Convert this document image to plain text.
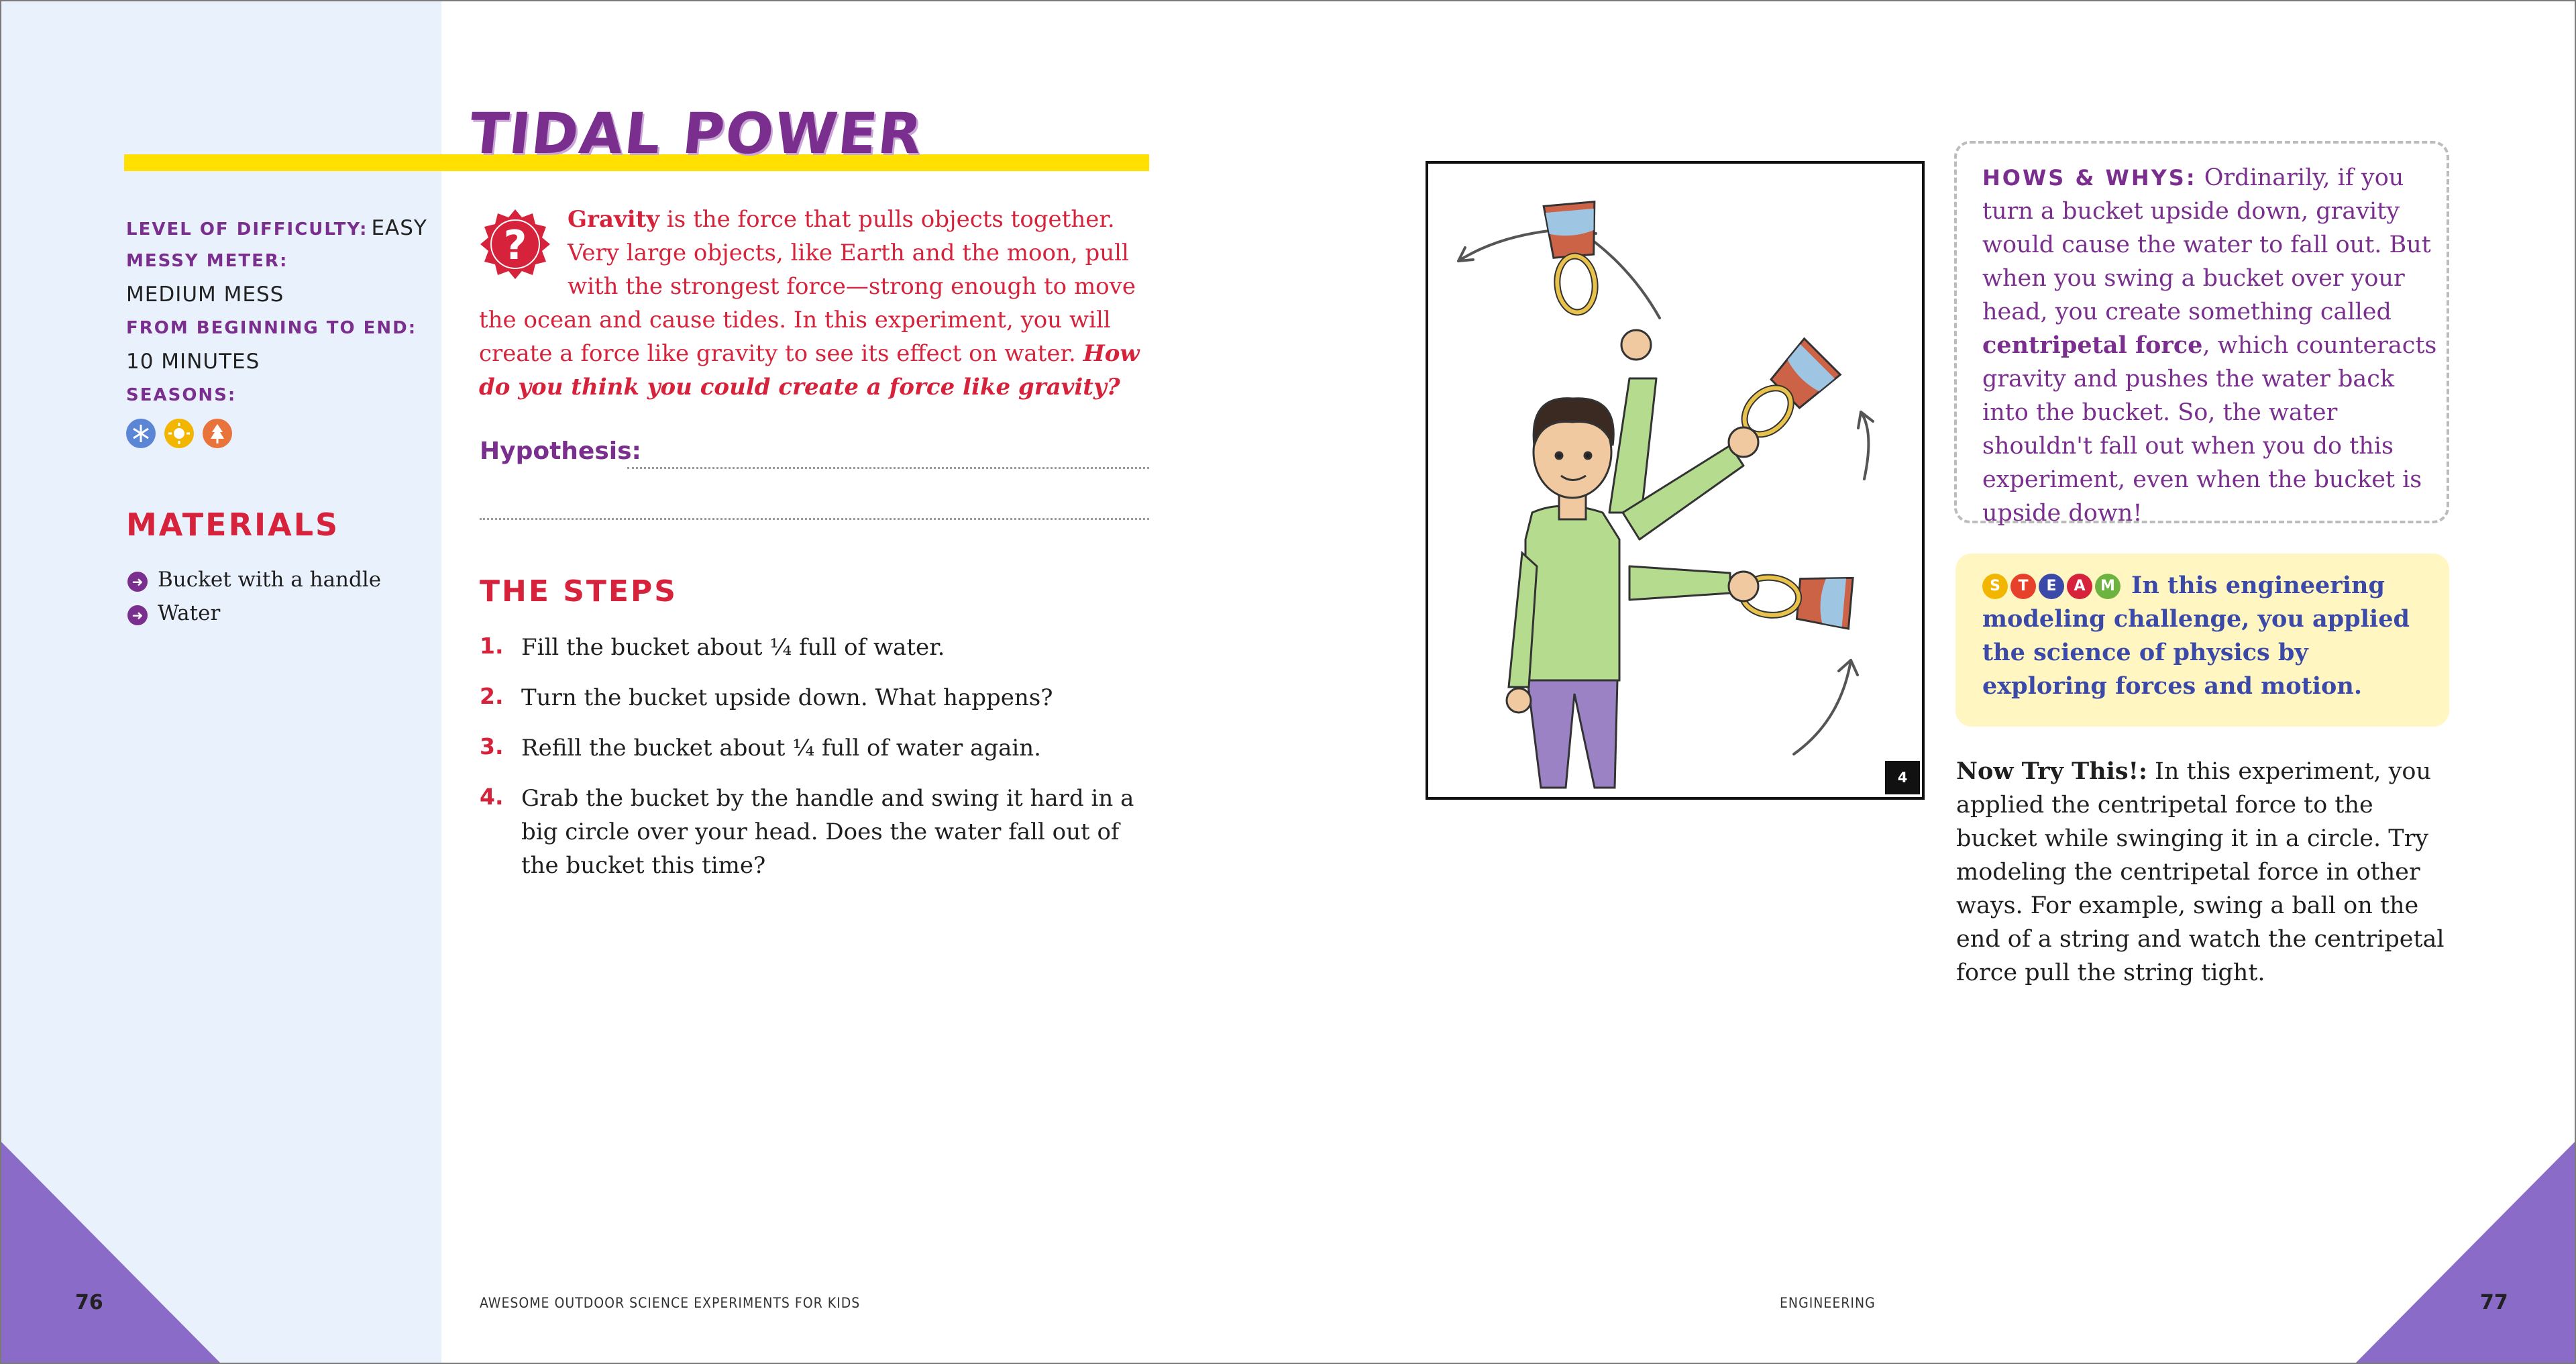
TIDAL POWER
LEVEL OF DIFFICULTY: EASY
MESSY METER:
MEDIUM MESS
FROM BEGINNING TO END:
10 MINUTES
SEASONS:
MATERIALS
➜ Bucket with a handle
➜ Water
?
Gravity is the force that pulls objects together. Very large objects, like Earth and the moon, pull with the strongest force—strong enough to move the ocean and cause tides. In this experiment, you will create a force like gravity to see its effect on water. How do you think you could create a force like gravity?
Hypothesis:
THE STEPS
1. Fill the bucket about ¼ full of water.
2. Turn the bucket upside down. What happens?
3. Refill the bucket about ¼ full of water again.
4. Grab the bucket by the handle and swing it hard in a big circle over your head. Does the water fall out of the bucket this time?
4
HOWS & WHYS: Ordinarily, if you turn a bucket upside down, gravity would cause the water to fall out. But when you swing a bucket over your head, you create something called centripetal force, which counteracts gravity and pushes the water back into the bucket. So, the water shouldn't fall out when you do this experiment, even when the bucket is upside down!
S T E A M In this engineering modeling challenge, you applied the science of physics by exploring forces and motion.
Now Try This!: In this experiment, you applied the centripetal force to the bucket while swinging it in a circle. Try modeling the centripetal force in other ways. For example, swing a ball on the end of a string and watch the centripetal force pull the string tight.
76	AWESOME OUTDOOR SCIENCE EXPERIMENTS FOR KIDS	ENGINEERING	77
